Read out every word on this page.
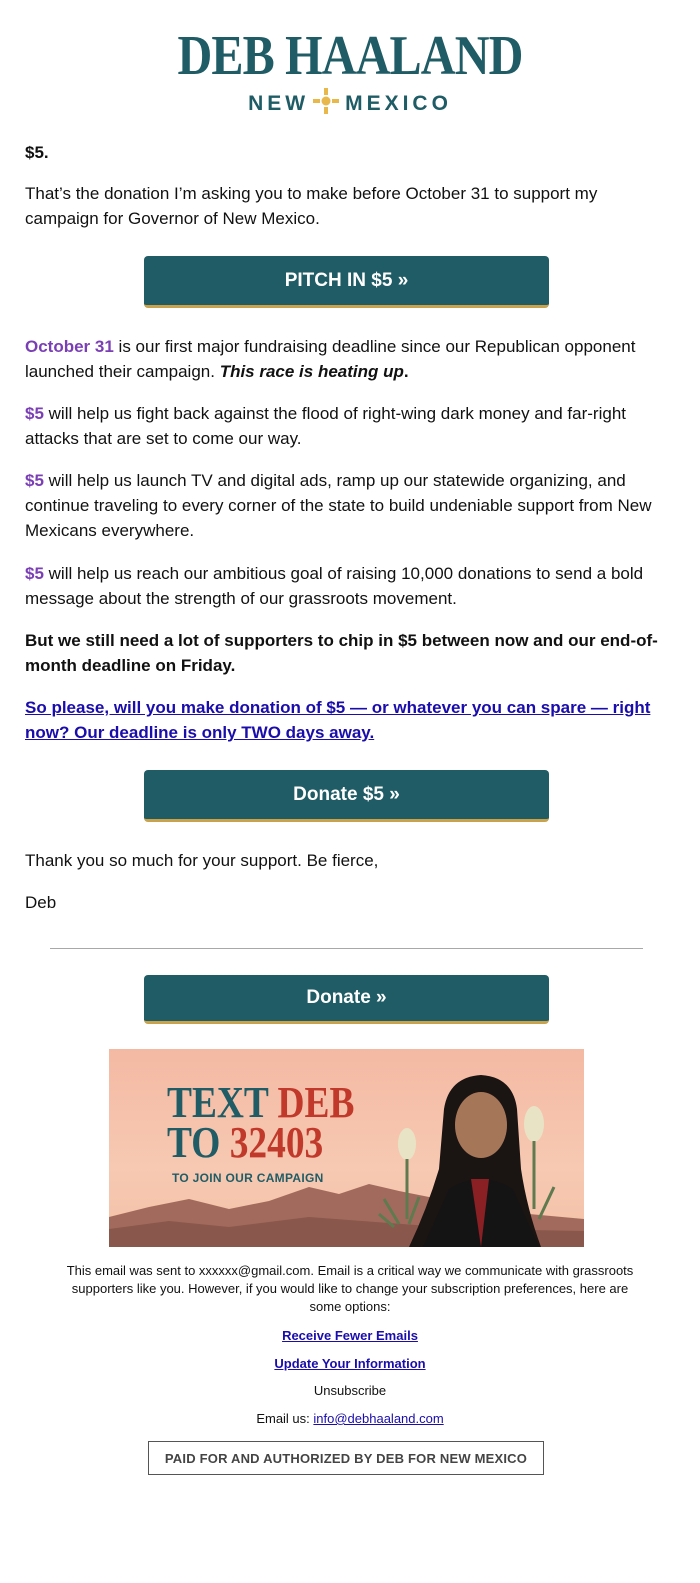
DEB HAALAND
NEW MEXICO

$5.

That’s the donation I’m asking you to make before October 31 to support my campaign for Governor of New Mexico.

PITCH IN $5 »

October 31 is our first major fundraising deadline since our Republican opponent launched their campaign. This race is heating up.

$5 will help us fight back against the flood of right-wing dark money and far-right attacks that are set to come our way.

$5 will help us launch TV and digital ads, ramp up our statewide organizing, and continue traveling to every corner of the state to build undeniable support from New Mexicans everywhere.

$5 will help us reach our ambitious goal of raising 10,000 donations to send a bold message about the strength of our grassroots movement.

But we still need a lot of supporters to chip in $5 between now and our end-of-month deadline on Friday.

So please, will you make donation of $5 — or whatever you can spare — right now? Our deadline is only TWO days away.

Donate $5 »

Thank you so much for your support. Be fierce,

Deb

Donate »
TEXT DEB
TO 32403
TO JOIN OUR CAMPAIGN

This email was sent to xxxxxx@gmail.com. Email is a critical way we communicate with grassroots supporters like you. However, if you would like to change your subscription preferences, here are some options:

Receive Fewer Emails
Update Your Information
Unsubscribe
Email us: info@debhaaland.com
PAID FOR AND AUTHORIZED BY DEB FOR NEW MEXICO
